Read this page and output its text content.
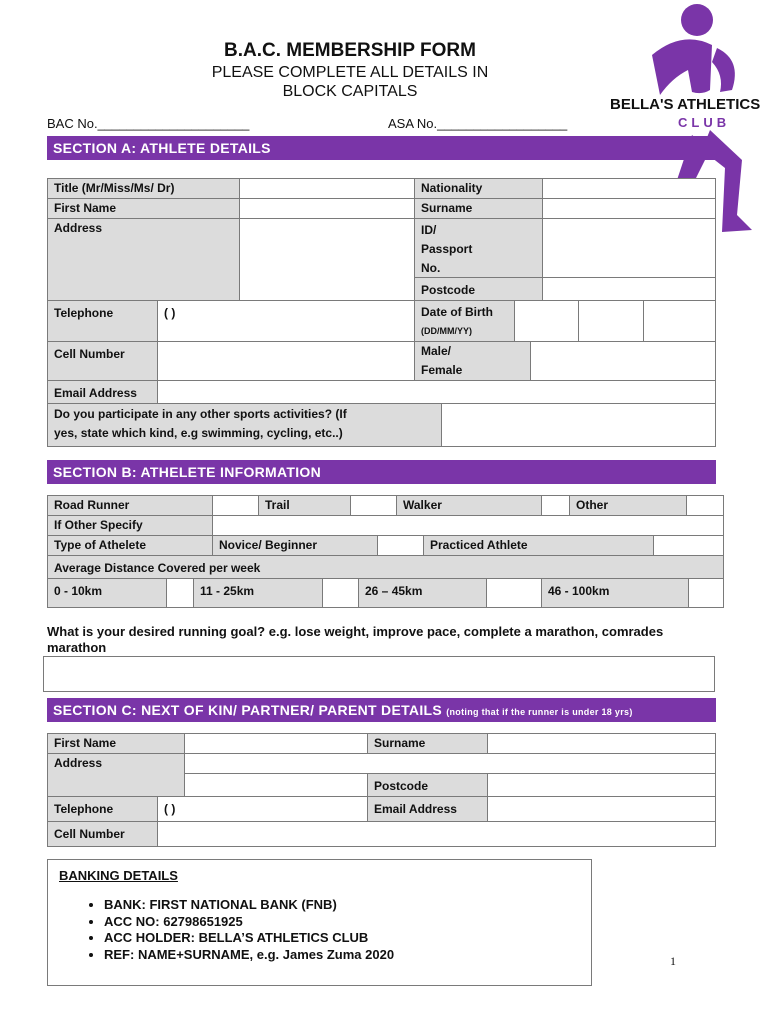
BELLA'S ATHLETICS
CLUB
B.A.C. MEMBERSHIP FORM
PLEASE COMPLETE ALL DETAILS IN
BLOCK CAPITALS
BAC No._____________________	ASA No.__________________
SECTION A: ATHLETE DETAILS
Title (Mr/Miss/Ms/ Dr)	Nationality
First Name	Surname
Address	ID/
Passport
No.
Postcode
Telephone	( )	Date of Birth
(DD/MM/YY)
Cell Number	Male/
Female
Email Address
Do you participate in any other sports activities? (If
yes, state which kind, e.g swimming, cycling, etc..)
SECTION B: ATHELETE INFORMATION
Road Runner	Trail	Walker	Other
If Other Specify
Type of Athelete	Novice/ Beginner	Practiced Athlete
Average Distance Covered per week
0 - 10km	11 - 25km	26 – 45km	46 - 100km
What is your desired running goal? e.g. lose weight, improve pace, complete a marathon, comrades marathon
SECTION C: NEXT OF KIN/ PARTNER/ PARENT DETAILS (noting that if the runner is under 18 yrs)
First Name	Surname
Address
Postcode
Telephone	( )	Email Address
Cell Number
BANKING DETAILS
• BANK: FIRST NATIONAL BANK (FNB)
• ACC NO: 62798651925
• ACC HOLDER: BELLA’S ATHLETICS CLUB
• REF: NAME+SURNAME, e.g. James Zuma 2020	1
